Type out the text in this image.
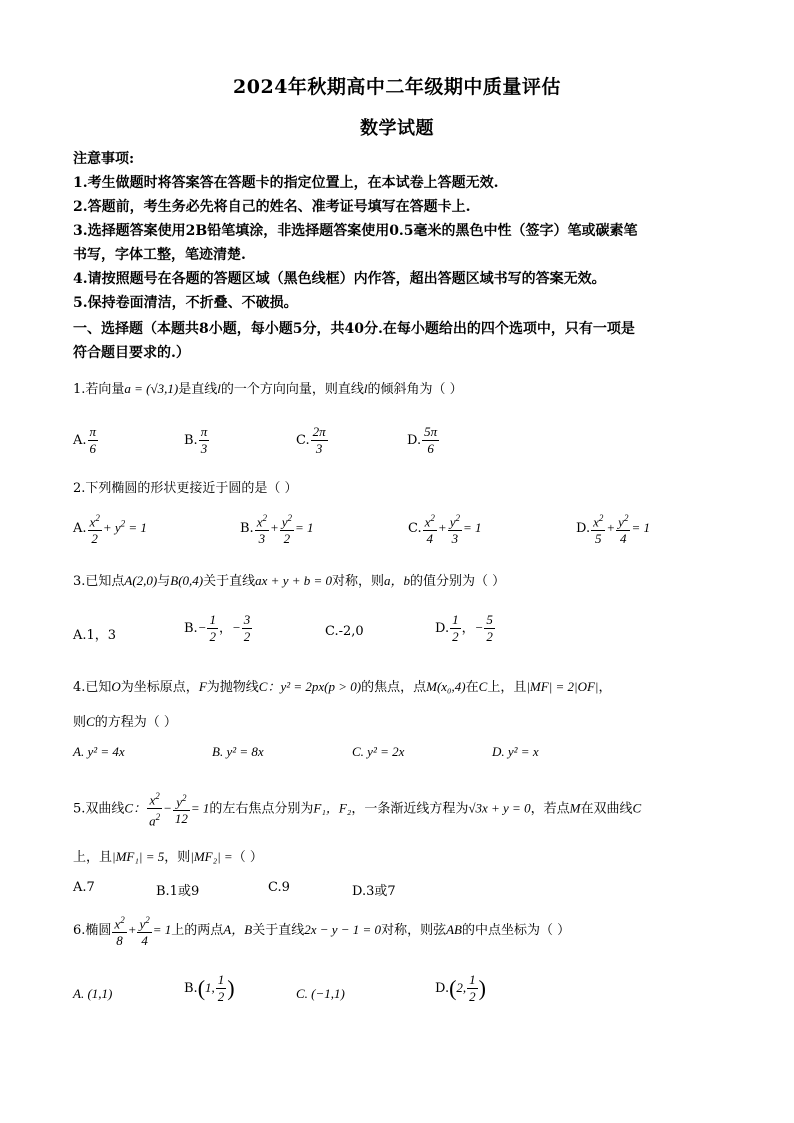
2024年秋期高中二年级期中质量评估
数学试题
注意事项:
1.考生做题时将答案答在答题卡的指定位置上，在本试卷上答题无效.
2.答题前，考生务必先将自己的姓名、准考证号填写在答题卡上.
3.选择题答案使用2B铅笔填涂，非选择题答案使用0.5毫米的黑色中性（签字）笔或碳素笔
书写，字体工整，笔迹清楚.
4.请按照题号在各题的答题区域（黑色线框）内作答，超出答题区域书写的答案无效。
5.保持卷面清洁，不折叠、不破损。
一、选择题（本题共8小题，每小题5分，共40分.在每小题给出的四个选项中，只有一项是
符合题目要求的.）
1.若向量a = (√3,1)是直线l的一个方向向量，则直线l的倾斜角为（ ）
A. $\frac{\pi}{6}$	B. $\frac{\pi}{3}$	C. $\frac{2\pi}{3}$	D. $\frac{5\pi}{6}$
2.下列椭圆的形状更接近于圆的是（ ）
A. $\frac{x^2}{2} + y^2 = 1$	B. $\frac{x^2}{3} + \frac{y^2}{2} = 1$	C. $\frac{x^2}{4} + \frac{y^2}{3} = 1$	D. $\frac{x^2}{5} + \frac{y^2}{4} = 1$
3.已知点A(2,0)与B(0,4)关于直线ax + y + b = 0对称，则a，b的值分别为（ ）
A.1，3	$B.- \frac{1}{2}$ ，− $\frac{3}{2}$	C.-2,0	D. $\frac{1}{2}$ ，− $\frac{5}{2}$
4.已知O为坐标原点，F为抛物线C：y² = 2px(p > 0)的焦点，点M(x₀,4)在C上，且|MF| = 2|OF|，
则C的方程为（ ）
A. y² = 4x	B. y² = 8x	C. y² = 2x	D. y² = x
5.双曲线C： $\frac{x^2}{a^2} - \frac{y^2}{12} = 1$的左右焦点分别为F₁，F₂，一条渐近线方程为√3x + y = 0，若点M在双曲线C
上，且|MF₁| = 5，则|MF₂| =（ ）
A.7	B.1或9	C.9	D.3或7
6.椭圆 $\frac{x^2}{8} + \frac{y^2}{4} = 1$上的两点A，B关于直线2x − y − 1 = 0对称，则弦AB的中点坐标为（ ）
A. (1,1)	B.(1, $\frac{1}{2}$ )	C. (−1,1)	D.(2, $\frac{1}{2}$ )
